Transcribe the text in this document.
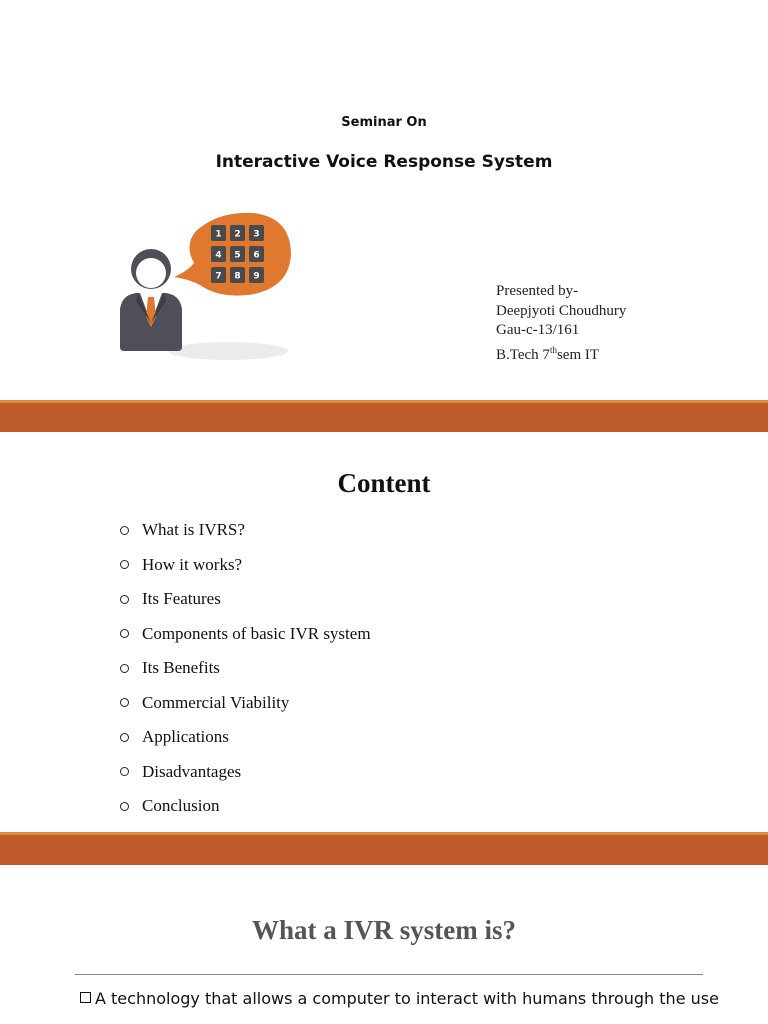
Seminar On
Interactive Voice Response System
1 2 3
4 5 6
7 8 9
Presented by-
Deepjyoti Choudhury
Gau-c-13/161
B.Tech 7thsem IT
Content
What is IVRS?
How it works?
Its Features
Components of basic IVR system
Its Benefits
Commercial Viability
Applications
Disadvantages
Conclusion
What a IVR system is?
A technology that allows a computer to interact with humans through the use
